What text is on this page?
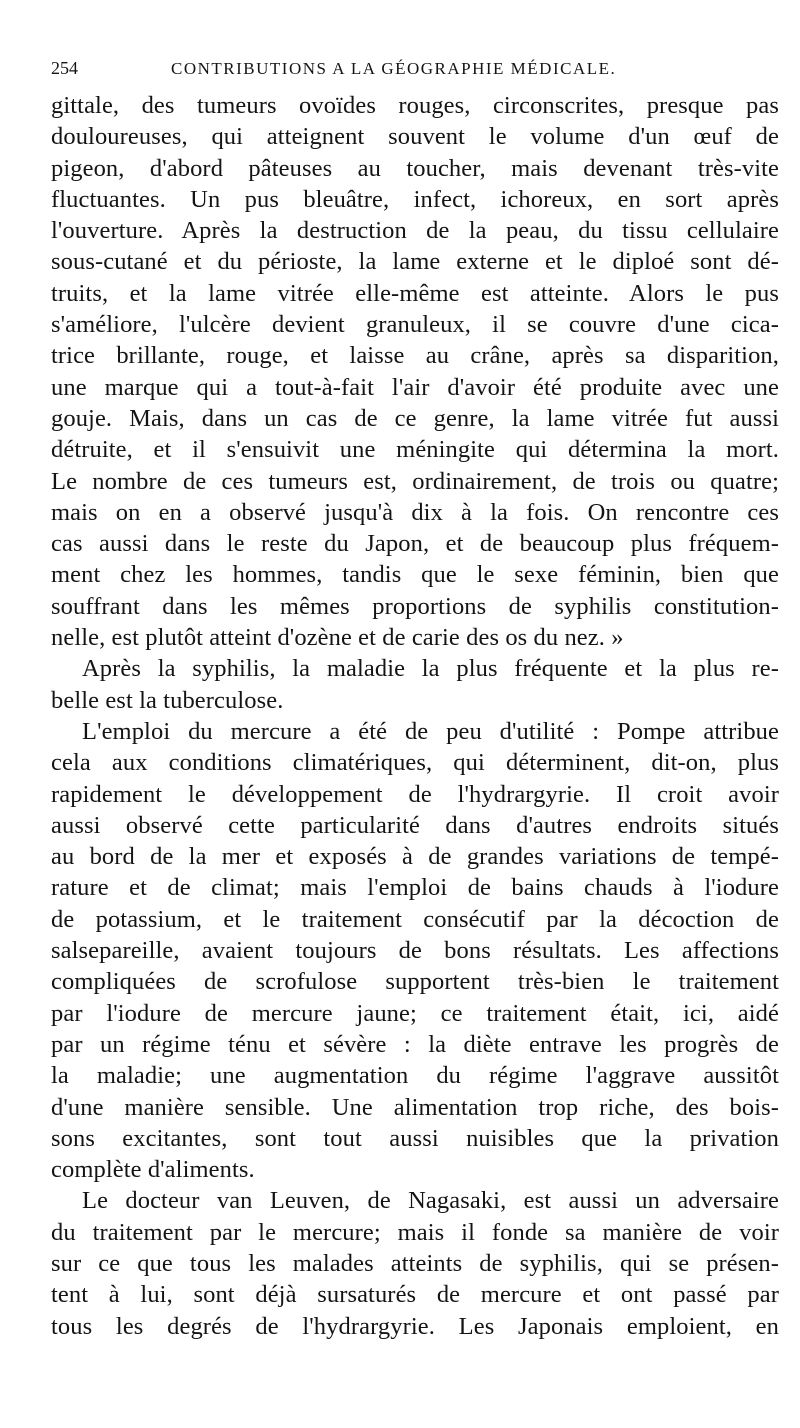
254	CONTRIBUTIONS A LA GÉOGRAPHIE MÉDICALE.
gittale, des tumeurs ovoïdes rouges, circonscrites, presque pas
douloureuses, qui atteignent souvent le volume d'un œuf de
pigeon, d'abord pâteuses au toucher, mais devenant très-vite
fluctuantes. Un pus bleuâtre, infect, ichoreux, en sort après
l'ouverture. Après la destruction de la peau, du tissu cellulaire
sous-cutané et du périoste, la lame externe et le diploé sont dé-
truits, et la lame vitrée elle-même est atteinte. Alors le pus
s'améliore, l'ulcère devient granuleux, il se couvre d'une cica-
trice brillante, rouge, et laisse au crâne, après sa disparition,
une marque qui a tout-à-fait l'air d'avoir été produite avec une
gouje. Mais, dans un cas de ce genre, la lame vitrée fut aussi
détruite, et il s'ensuivit une méningite qui détermina la mort.
Le nombre de ces tumeurs est, ordinairement, de trois ou quatre;
mais on en a observé jusqu'à dix à la fois. On rencontre ces
cas aussi dans le reste du Japon, et de beaucoup plus fréquem-
ment chez les hommes, tandis que le sexe féminin, bien que
souffrant dans les mêmes proportions de syphilis constitution-
nelle, est plutôt atteint d'ozène et de carie des os du nez. »
Après la syphilis, la maladie la plus fréquente et la plus re-
belle est la tuberculose.
L'emploi du mercure a été de peu d'utilité : Pompe attribue
cela aux conditions climatériques, qui déterminent, dit-on, plus
rapidement le développement de l'hydrargyrie. Il croit avoir
aussi observé cette particularité dans d'autres endroits situés
au bord de la mer et exposés à de grandes variations de tempé-
rature et de climat; mais l'emploi de bains chauds à l'iodure
de potassium, et le traitement consécutif par la décoction de
salsepareille, avaient toujours de bons résultats. Les affections
compliquées de scrofulose supportent très-bien le traitement
par l'iodure de mercure jaune; ce traitement était, ici, aidé
par un régime ténu et sévère : la diète entrave les progrès de
la maladie; une augmentation du régime l'aggrave aussitôt
d'une manière sensible. Une alimentation trop riche, des bois-
sons excitantes, sont tout aussi nuisibles que la privation
complète d'aliments.
Le docteur van Leuven, de Nagasaki, est aussi un adversaire
du traitement par le mercure; mais il fonde sa manière de voir
sur ce que tous les malades atteints de syphilis, qui se présen-
tent à lui, sont déjà sursaturés de mercure et ont passé par
tous les degrés de l'hydrargyrie. Les Japonais emploient, en
